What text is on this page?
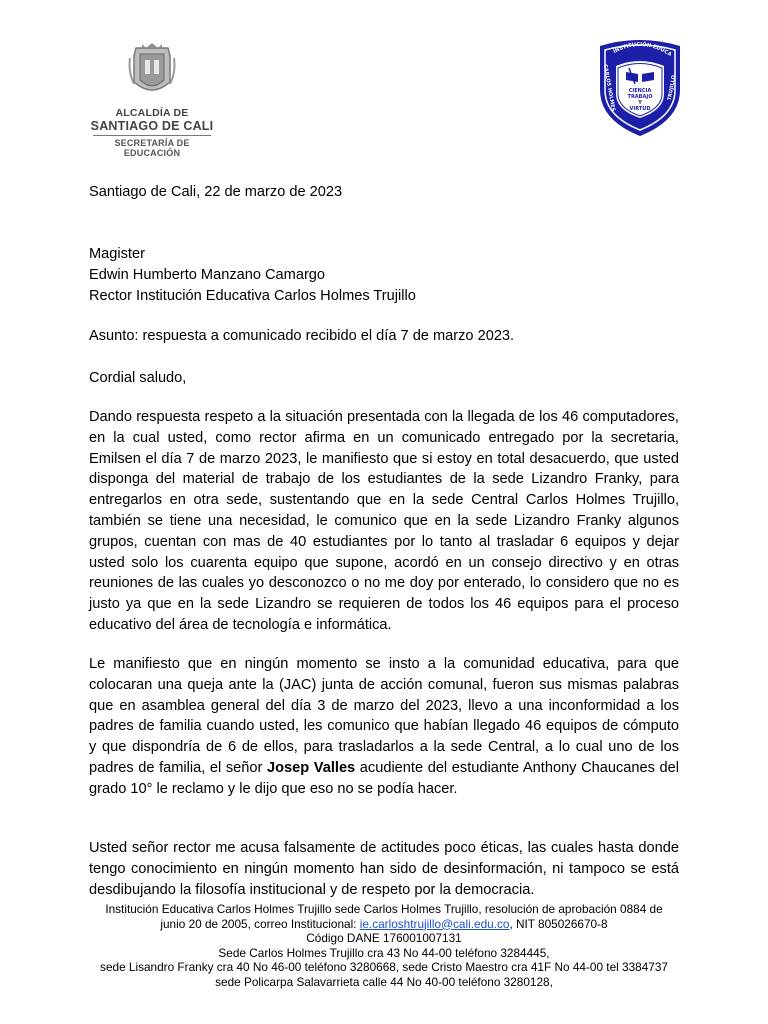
ALCALDÍA DE
SANTIAGO DE CALI
SECRETARÍA DE EDUCACIÓN
INSTITUCIÓN EDUCA
CARLOS HOLMES	TRUJILLO
CIENCIA
TRABAJO
Y
VIRTUD
Santiago de Cali, 22 de marzo de 2023

Magister

Edwin Humberto Manzano Camargo

Rector Institución Educativa Carlos Holmes Trujillo

Asunto: respuesta a comunicado recibido el día 7 de marzo 2023.
Cordial saludo,
Dando respuesta respeto a la situación presentada con la llegada de los 46 computadores, en la cual usted, como rector afirma en un comunicado entregado por la secretaria, Emilsen el día 7 de marzo 2023, le manifiesto que si estoy en total desacuerdo, que usted disponga del material de trabajo de los estudiantes de la sede Lizandro Franky, para entregarlos en otra sede, sustentando que en la sede Central Carlos Holmes Trujillo, también se tiene una necesidad, le comunico que en la sede Lizandro Franky algunos grupos, cuentan con mas de 40 estudiantes por lo tanto al trasladar 6 equipos y dejar usted solo los cuarenta equipo que supone, acordó en un consejo directivo y en otras reuniones de las cuales yo desconozco o no me doy por enterado, lo considero que no es justo ya que en la sede Lizandro se requieren de todos los 46 equipos para el proceso educativo del área de tecnología e informática.
Le manifiesto que en ningún momento se insto a la comunidad educativa, para que colocaran una queja ante la (JAC) junta de acción comunal, fueron sus mismas palabras que en asamblea general del día 3 de marzo del 2023, llevo a una inconformidad a los padres de familia cuando usted, les comunico que habían llegado 46 equipos de cómputo y que dispondría de 6 de ellos, para trasladarlos a la sede Central, a lo cual uno de los padres de familia, el señor Josep Valles acudiente del estudiante Anthony Chaucanes del grado 10° le reclamo y le dijo que eso no se podía hacer.
Usted señor rector me acusa falsamente de actitudes poco éticas, las cuales hasta donde tengo conocimiento en ningún momento han sido de desinformación, ni tampoco se está desdibujando la filosofía institucional y de respeto por la democracia.
Institución Educativa Carlos Holmes Trujillo sede Carlos Holmes Trujillo, resolución de aprobación 0884 de
junio 20 de 2005, correo Institucional: ie.carloshtrujillo@cali.edu.co, NIT 805026670-8
Código DANE 176001007131
Sede Carlos Holmes Trujillo cra 43 No 44-00 teléfono 3284445,
sede Lisandro Franky cra 40 No 46-00 teléfono 3280668, sede Cristo Maestro cra 41F No 44-00 tel 3384737
sede Policarpa Salavarrieta calle 44 No 40-00 teléfono 3280128,
